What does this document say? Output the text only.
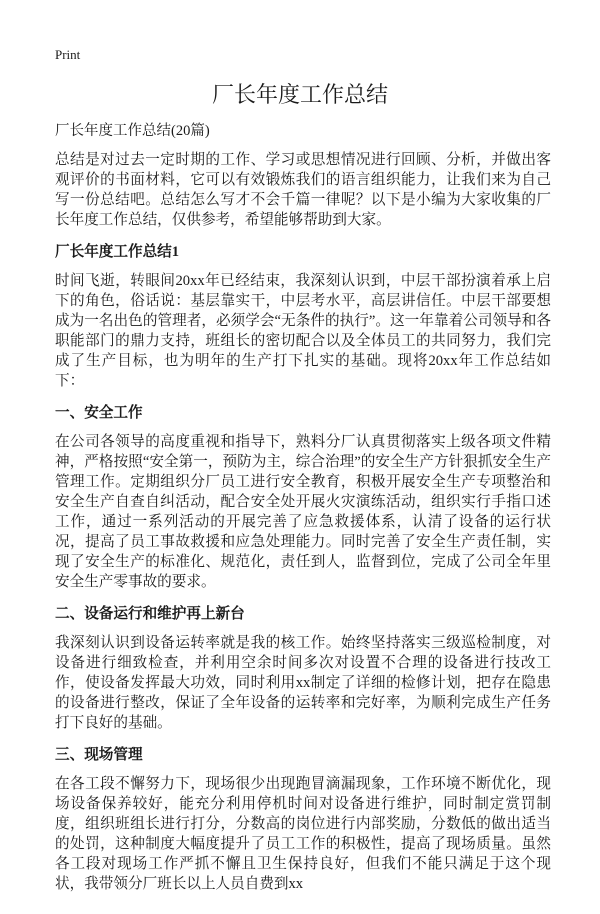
Print
厂长年度工作总结
厂长年度工作总结(20篇)
总结是对过去一定时期的工作、学习或思想情况进行回顾、分析，并做出客观评价的书面材料，它可以有效锻炼我们的语言组织能力，让我们来为自己写一份总结吧。总结怎么写才不会千篇一律呢？以下是小编为大家收集的厂长年度工作总结，仅供参考，希望能够帮助到大家。
厂长年度工作总结1
时间飞逝，转眼间20xx年已经结束，我深刻认识到，中层干部扮演着承上启下的角色，俗话说：基层靠实干，中层考水平，高层讲信任。中层干部要想成为一名出色的管理者，必须学会“无条件的执行”。这一年靠着公司领导和各职能部门的鼎力支持，班组长的密切配合以及全体员工的共同努力，我们完成了生产目标，也为明年的生产打下扎实的基础。现将20xx年工作总结如下：
一、安全工作
在公司各领导的高度重视和指导下，熟料分厂认真贯彻落实上级各项文件精神，严格按照“安全第一，预防为主，综合治理”的安全生产方针狠抓安全生产管理工作。定期组织分厂员工进行安全教育，积极开展安全生产专项整治和安全生产自查自纠活动，配合安全处开展火灾演练活动，组织实行手指口述工作，通过一系列活动的开展完善了应急救援体系，认清了设备的运行状况，提高了员工事故救援和应急处理能力。同时完善了安全生产责任制，实现了安全生产的标准化、规范化，责任到人，监督到位，完成了公司全年里安全生产零事故的要求。
二、设备运行和维护再上新台
我深刻认识到设备运转率就是我的核工作。始终坚持落实三级巡检制度，对设备进行细致检查，并利用空余时间多次对设置不合理的设备进行技改工作，使设备发挥最大功效，同时利用xx制定了详细的检修计划，把存在隐患的设备进行整改，保证了全年设备的运转率和完好率，为顺利完成生产任务打下良好的基础。
三、现场管理
在各工段不懈努力下，现场很少出现跑冒滴漏现象，工作环境不断优化，现场设备保养较好，能充分利用停机时间对设备进行维护，同时制定赏罚制度，组织班组长进行打分，分数高的岗位进行内部奖励，分数低的做出适当的处罚，这种制度大幅度提升了员工工作的积极性，提高了现场质量。虽然各工段对现场工作严抓不懈且卫生保持良好，但我们不能只满足于这个现状，我带领分厂班长以上人员自费到xx
